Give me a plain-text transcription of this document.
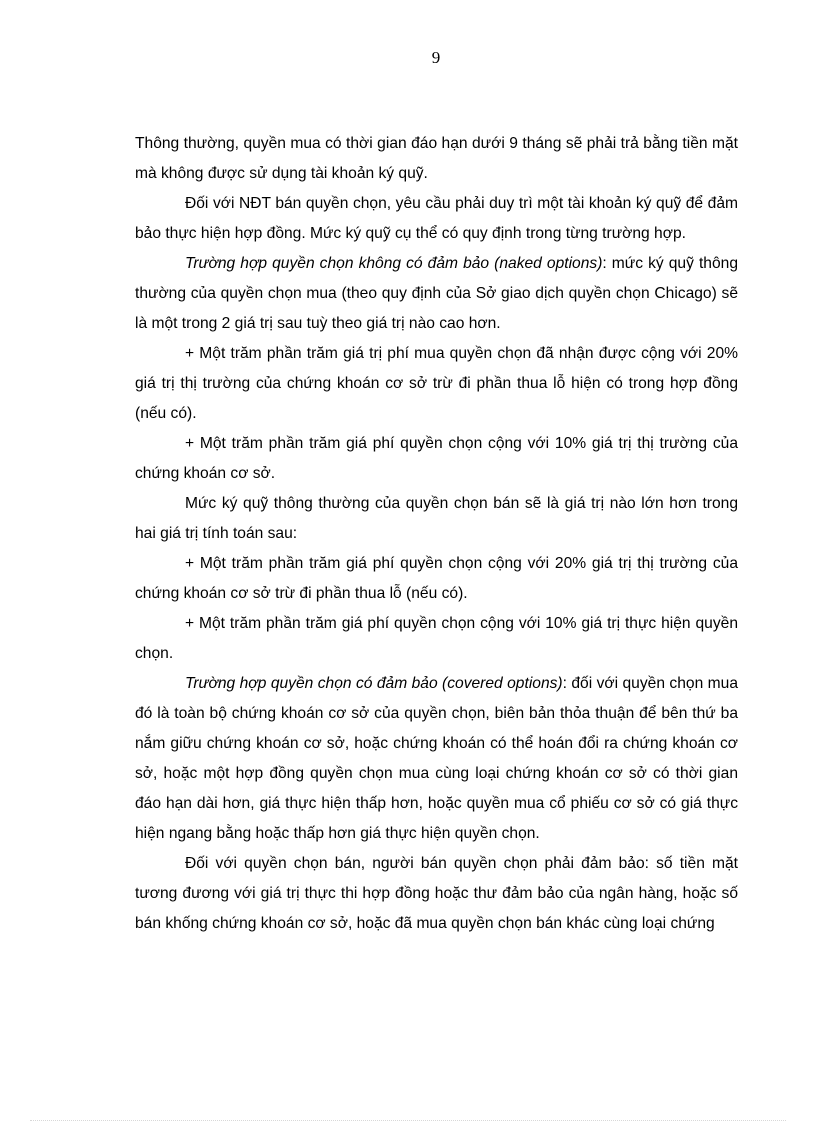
9

Thông thường, quyền mua có thời gian đáo hạn dưới 9 tháng sẽ phải trả bằng tiền mặt mà không được sử dụng tài khoản ký quỹ.

Đối với NĐT bán quyền chọn, yêu cầu phải duy trì một tài khoản ký quỹ để đảm bảo thực hiện hợp đồng. Mức ký quỹ cụ thể có quy định trong từng trường hợp.

Trường hợp quyền chọn không có đảm bảo (naked options): mức ký quỹ thông thường của quyền chọn mua (theo quy định của Sở giao dịch quyền chọn Chicago) sẽ là một trong 2 giá trị sau tuỳ theo giá trị nào cao hơn.

+ Một trăm phần trăm giá trị phí mua quyền chọn đã nhận được cộng với 20% giá trị thị trường của chứng khoán cơ sở trừ đi phần thua lỗ hiện có trong hợp đồng (nếu có).

+ Một trăm phần trăm giá phí quyền chọn cộng với 10% giá trị thị trường của chứng khoán cơ sở.

Mức ký quỹ thông thường của quyền chọn bán sẽ là giá trị nào lớn hơn trong hai giá trị tính toán sau:

+ Một trăm phần trăm giá phí quyền chọn cộng với 20% giá trị thị trường của chứng khoán cơ sở trừ đi phần thua lỗ (nếu có).

+ Một trăm phần trăm giá phí quyền chọn cộng với 10% giá trị thực hiện quyền chọn.

Trường hợp quyền chọn có đảm bảo (covered options): đối với quyền chọn mua đó là toàn bộ chứng khoán cơ sở của quyền chọn, biên bản thỏa thuận để bên thứ ba nắm giữu chứng khoán cơ sở, hoặc chứng khoán có thể hoán đổi ra chứng khoán cơ sở, hoặc một hợp đồng quyền chọn mua cùng loại chứng khoán cơ sở có thời gian đáo hạn dài hơn, giá thực hiện thấp hơn, hoặc quyền mua cổ phiếu cơ sở có giá thực hiện ngang bằng hoặc thấp hơn giá thực hiện quyền chọn.

Đối với quyền chọn bán, người bán quyền chọn phải đảm bảo: số tiền mặt tương đương với giá trị thực thi hợp đồng hoặc thư đảm bảo của ngân hàng, hoặc số bán khống chứng khoán cơ sở, hoặc đã mua quyền chọn bán khác cùng loại chứng
